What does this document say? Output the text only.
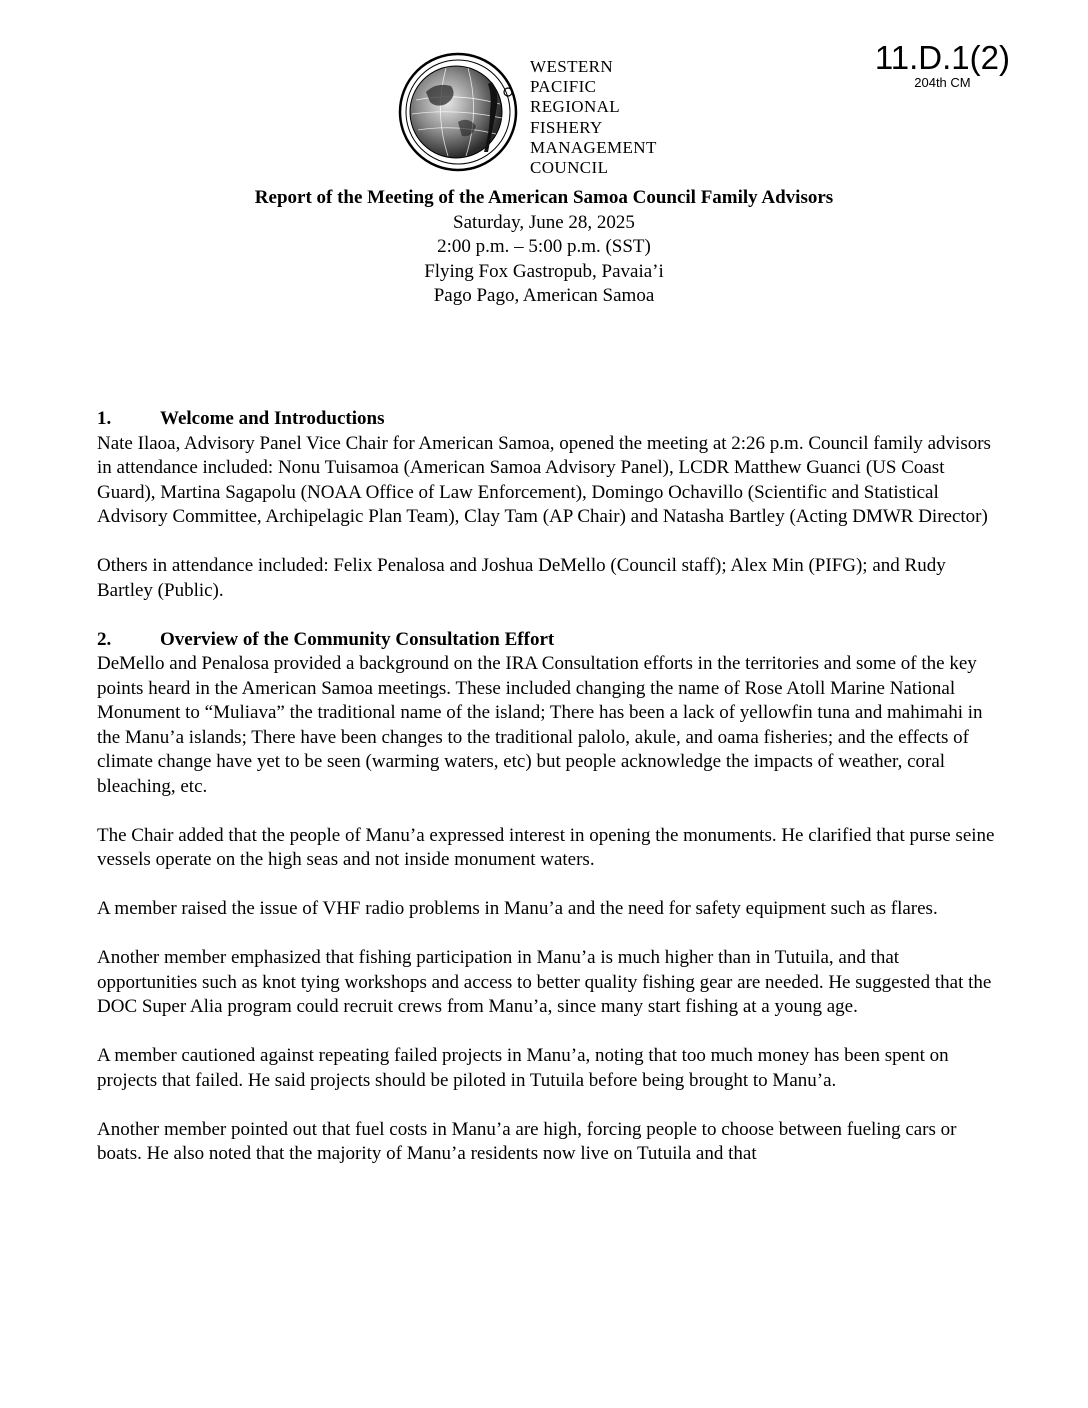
11.D.1(2)
204th CM
WESTERN
PACIFIC
REGIONAL
FISHERY
MANAGEMENT
COUNCIL
Report of the Meeting of the American Samoa Council Family Advisors
Saturday, June 28, 2025
2:00 p.m. – 5:00 p.m. (SST)
Flying Fox Gastropub, Pavaia’i
Pago Pago, American Samoa
1.	Welcome and Introductions

Nate Ilaoa, Advisory Panel Vice Chair for American Samoa, opened the meeting at 2:26 p.m. Council family advisors in attendance included: Nonu Tuisamoa (American Samoa Advisory Panel), LCDR Matthew Guanci (US Coast Guard), Martina Sagapolu (NOAA Office of Law Enforcement), Domingo Ochavillo (Scientific and Statistical Advisory Committee, Archipelagic Plan Team), Clay Tam (AP Chair) and Natasha Bartley (Acting DMWR Director)

Others in attendance included: Felix Penalosa and Joshua DeMello (Council staff); Alex Min (PIFG); and Rudy Bartley (Public).

2.	Overview of the Community Consultation Effort

DeMello and Penalosa provided a background on the IRA Consultation efforts in the territories and some of the key points heard in the American Samoa meetings. These included changing the name of Rose Atoll Marine National Monument to “Muliava” the traditional name of the island; There has been a lack of yellowfin tuna and mahimahi in the Manu’a islands; There have been changes to the traditional palolo, akule, and oama fisheries; and the effects of climate change have yet to be seen (warming waters, etc) but people acknowledge the impacts of weather, coral bleaching, etc.

The Chair added that the people of Manu’a expressed interest in opening the monuments. He clarified that purse seine vessels operate on the high seas and not inside monument waters.

A member raised the issue of VHF radio problems in Manu’a and the need for safety equipment such as flares.

Another member emphasized that fishing participation in Manu’a is much higher than in Tutuila, and that opportunities such as knot tying workshops and access to better quality fishing gear are needed. He suggested that the DOC Super Alia program could recruit crews from Manu’a, since many start fishing at a young age.

A member cautioned against repeating failed projects in Manu’a, noting that too much money has been spent on projects that failed. He said projects should be piloted in Tutuila before being brought to Manu’a.

Another member pointed out that fuel costs in Manu’a are high, forcing people to choose between fueling cars or boats. He also noted that the majority of Manu’a residents now live on Tutuila and that
